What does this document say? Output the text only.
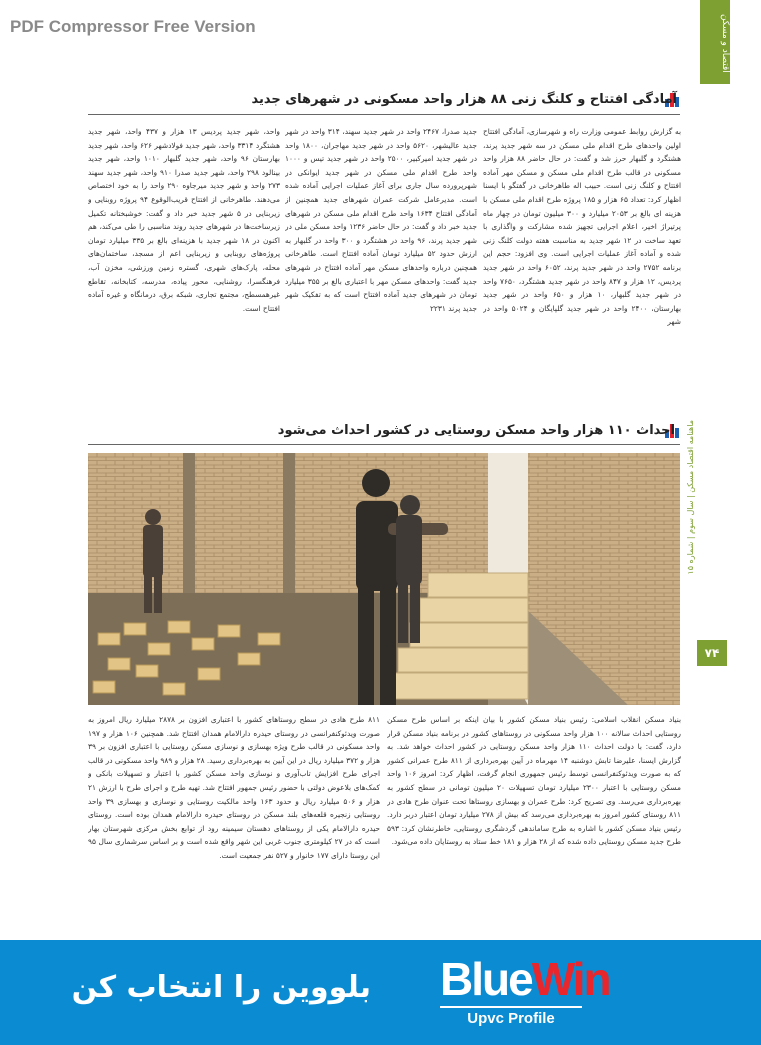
PDF Compressor Free Version	اقتصاد و مسکن
ماهنامه اقتصاد مسکن | سال سوم | شماره ۱۵
۷۴
آمادگی افتتاح و کلنگ زنی ۸۸ هزار واحد مسکونی در شهرهای جدید
به گزارش روابط عمومی وزارت راه و شهرسازی، آمادگی افتتاح اولین واحدهای طرح اقدام ملی مسکن در سه شهر جدید پرند، هشتگرد و گلبهار حرز شد و گفت: در حال حاضر ۸۸ هزار واحد مسکونی در قالب طرح اقدام ملی مسکن و مسکن مهر آماده افتتاح و کلنگ زنی است. حبیب اله طاهرخانی در گفتگو با ایسنا اظهار کرد: تعداد ۶۵ هزار و ۱۸۵ پروژه طرح اقدام ملی مسکن با هزینه ای بالغ بر ۲۰۵۳ میلیارد و ۳۰۰ میلیون تومان در چهار ماه پرتیراژ اخیر، اعلام اجرایی تجهیز شده مشارکت و واگذاری با تعهد ساخت در ۱۲ شهر جدید به مناسبت هفته دولت کلنگ زنی شده و آماده آغاز عملیات اجرایی است. وی افزود: حجم این برنامه ۲۷۵۲ واحد در شهر جدید پرند، ۶۰۵۲ واحد در شهر جدید پردیس، ۱۲ هزار و ۸۴۷ واحد در شهر جدید هشتگرد، ۷۶۵۰ واحد در شهر جدید گلبهار، ۱۰ هزار و ۶۵۰ واحد در شهر جدید بهارستان، ۲۴۰۰ واحد در شهر جدید گلپایگان و ۵۰۲۴ واحد در شهر
جدید صدرا، ۲۴۶۷ واحد در شهر جدید سهند، ۳۱۴ واحد در شهر جدید عالیشهر، ۵۶۲۰ واحد در شهر جدید مهاجران، ۱۸۰۰ واحد در شهر جدید امیرکبیر، ۲۵۰۰ واحد در شهر جدید تیس و ۱۰۰۰ واحد طرح اقدام ملی مسکن در شهر جدید ایوانکی در شهرپرورده سال جاری برای آغاز عملیات اجرایی آماده شده است. مدیرعامل شرکت عمران شهرهای جدید همچنین از آمادگی افتتاح ۱۶۳۴ واحد طرح اقدام ملی مسکن در شهرهای جدید خبر داد و گفت: در حال حاضر ۱۲۳۶ واحد مسکن ملی در شهر جدید پرند، ۹۶ واحد در هشتگرد و ۳۰۰ واحد در گلبهار به ارزش حدود ۵۲ میلیارد تومان آماده افتتاح است. طاهرخانی همچنین درباره واحدهای مسکن مهر آماده افتتاح در شهرهای جدید گفت: واحدهای مسکن مهر با اعتباری بالغ بر ۳۵۵ میلیارد تومان در شهرهای جدید آماده افتتاح است که به تفکیک شهر جدید پرند ۲۲۳۱
واحد، شهر جدید پردیس ۱۳ هزار و ۴۳۷ واحد، شهر جدید هشتگرد ۳۳۱۴ واحد، شهر جدید فولادشهر ۶۲۶ واحد، شهر جدید بهارستان ۹۶ واحد، شهر جدید گلبهار ۱۰۱۰ واحد، شهر جدید بینالود ۲۹۸ واحد، شهر جدید صدرا ۹۱۰ واحد، شهر جدید سهند ۲۷۳ واحد و شهر جدید میرجاوه ۲۹۰ واحد را به خود اختصاص می‌دهند. طاهرخانی از افتتاح قریب‌الوقوع ۹۴ پروژه روبنایی و زیربنایی در ۵ شهر جدید خبر داد و گفت: خوشبختانه تکمیل زیرساخت‌ها در شهرهای جدید روند مناسبی را طی می‌کند، هم اکنون در ۱۸ شهر جدید با هزینه‌ای بالغ بر ۳۳۵ میلیارد تومان پروژه‌های روبنایی و زیربنایی اعم از مسجد، ساختمان‌های محله، پارک‌های شهری، گستره زمین ورزشی، مخزن آب، فرهنگسرا، روشنایی، محور پیاده، مدرسه، کتابخانه، تقاطع غیرهمسطح، مجتمع تجاری، شبکه برق، درمانگاه و غیره آماده افتتاح است.
احداث ۱۱۰ هزار واحد مسکن روستایی در کشور احداث می‌شود
بنیاد مسکن انقلاب اسلامی: رئیس بنیاد مسکن کشور با بیان اینکه بر اساس طرح مسکن روستایی احداث سالانه ۱۰۰ هزار واحد مسکونی در روستاهای کشور در برنامه بنیاد مسکن قرار دارد، گفت: با دولت احداث ۱۱۰ هزار واحد مسکن روستایی در کشور احداث خواهد شد. به گزارش ایسنا، علیرضا تابش دوشنبه ۱۴ مهرماه در آیین بهره‌برداری از ۸۱۱ طرح عمرانی کشور که به صورت ویدئوکنفرانسی توسط رئیس جمهوری انجام گرفت، اظهار کرد: امروز ۱۰۶ واحد مسکن روستایی با اعتبار ۲۳۰۰ میلیارد تومان تسهیلات ۲۰ میلیون تومانی در سطح کشور به بهره‌برداری می‌رسد. وی تصریح کرد: طرح عمران و بهسازی روستاها تحت عنوان طرح هادی در ۸۱۱ روستای کشور امروز به بهره‌برداری می‌رسد که بیش از ۲۷۸ میلیارد تومان اعتبار دربر دارد. رئیس بنیاد مسکن کشور با اشاره به طرح ساماندهی گردشگری روستایی، خاطرنشان کرد: ۵۹۳ طرح جدید مسکن روستایی داده شده که از ۲۸ هزار و ۱۸۱ خط ستاد به روستایان داده می‌شود.
۸۱۱ طرح هادی در سطح روستاهای کشور با اعتباری افزون بر ۲۸۷۸ میلیارد ریال امروز به صورت ویدئوکنفرانسی در روستای حیدره دارالامام همدان افتتاح شد. همچنین ۱۰۶ هزار و ۱۹۷ واحد مسکونی در قالب طرح ویژه بهسازی و نوسازی مسکن روستایی با اعتباری افزون بر ۳۹ هزار و ۳۷۲ میلیارد ریال در این آیین به بهره‌برداری رسید. ۲۸ هزار و ۹۸۹ واحد مسکونی در قالب اجرای طرح افزایش تاب‌آوری و نوسازی واحد مسکن کشور با اعتبار و تسهیلات بانکی و کمک‌های بلاعوض دولتی با حضور رئیس جمهور افتتاح شد. تهیه طرح و اجرای طرح با ارزش ۲۱ هزار و ۵۰۶ میلیارد ریال و حدود ۱۶۳ واحد مالکیت روستایی و نوسازی و بهسازی ۳۹ واحد روستایی زنجیره قلعه‌های بلند مسکن در روستای حیدره دارالامام همدان بوده است. روستای حیدره دارالامام یکی از روستاهای دهستان سیمینه رود از توابع بخش مرکزی شهرستان بهار است که در ۲۷ کیلومتری جنوب غربی این شهر واقع شده است و بر اساس سرشماری سال ۹۵ این روستا دارای ۱۷۷ خانوار و ۵۲۷ نفر جمعیت است.
بلووین را انتخاب کن BlueWin
Upvc Profile
